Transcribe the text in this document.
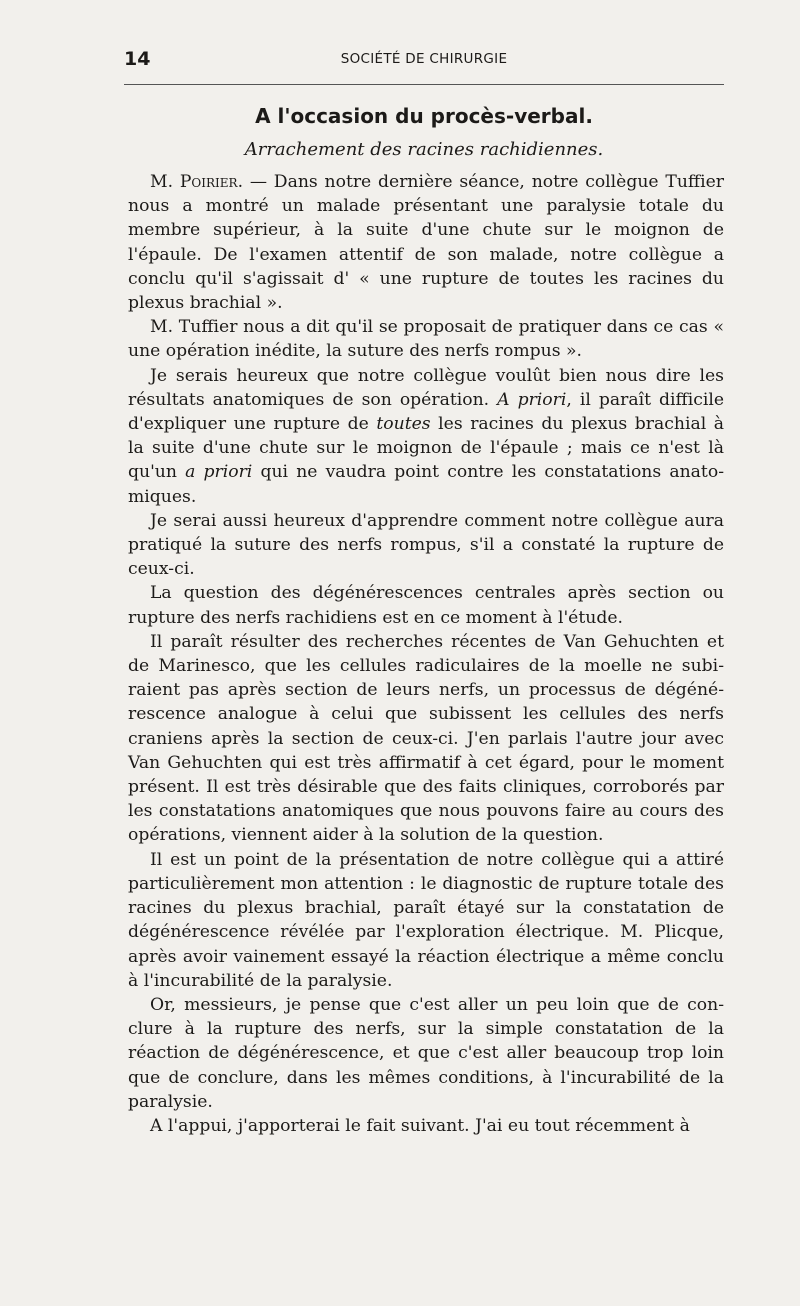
14	SOCIÉTÉ DE CHIRURGIE
A l'occasion du procès-verbal.
Arrachement des racines rachidiennes.

M. Poirier. — Dans notre dernière séance, notre collègue Tuffier nous a montré un malade présentant une paralysie totale du membre supérieur, à la suite d'une chute sur le moignon de l'épaule. De l'examen attentif de son malade, notre collègue a conclu qu'il s'agissait d' « une rupture de toutes les racines du plexus brachial ».

M. Tuffier nous a dit qu'il se proposait de pratiquer dans ce cas « une opération inédite, la suture des nerfs rompus ».

Je serais heureux que notre collègue voulût bien nous dire les résultats anatomiques de son opération. A priori, il paraît difficile d'expliquer une rupture de toutes les racines du plexus brachial à la suite d'une chute sur le moignon de l'épaule ; mais ce n'est là qu'un a priori qui ne vaudra point contre les constatations anatomiques.

Je serai aussi heureux d'apprendre comment notre collègue aura pratiqué la suture des nerfs rompus, s'il a constaté la rupture de ceux-ci.

La question des dégénérescences centrales après section ou rupture des nerfs rachidiens est en ce moment à l'étude.

Il paraît résulter des recherches récentes de Van Gehuchten et de Marinesco, que les cellules radiculaires de la moelle ne subiraient pas après section de leurs nerfs, un processus de dégénérescence analogue à celui que subissent les cellules des nerfs craniens après la section de ceux-ci. J'en parlais l'autre jour avec Van Gehuchten qui est très affirmatif à cet égard, pour le moment présent. Il est très désirable que des faits cliniques, corroborés par les constatations anatomiques que nous pouvons faire au cours des opérations, viennent aider à la solution de la question.

Il est un point de la présentation de notre collègue qui a attiré particulièrement mon attention : le diagnostic de rupture totale des racines du plexus brachial, paraît étayé sur la constatation de dégénérescence révélée par l'exploration électrique. M. Plicque, après avoir vainement essayé la réaction électrique a même conclu à l'incurabilité de la paralysie.

Or, messieurs, je pense que c'est aller un peu loin que de conclure à la rupture des nerfs, sur la simple constatation de la réaction de dégénérescence, et que c'est aller beaucoup trop loin que de conclure, dans les mêmes conditions, à l'incurabilité de la paralysie.

A l'appui, j'apporterai le fait suivant. J'ai eu tout récemment à
